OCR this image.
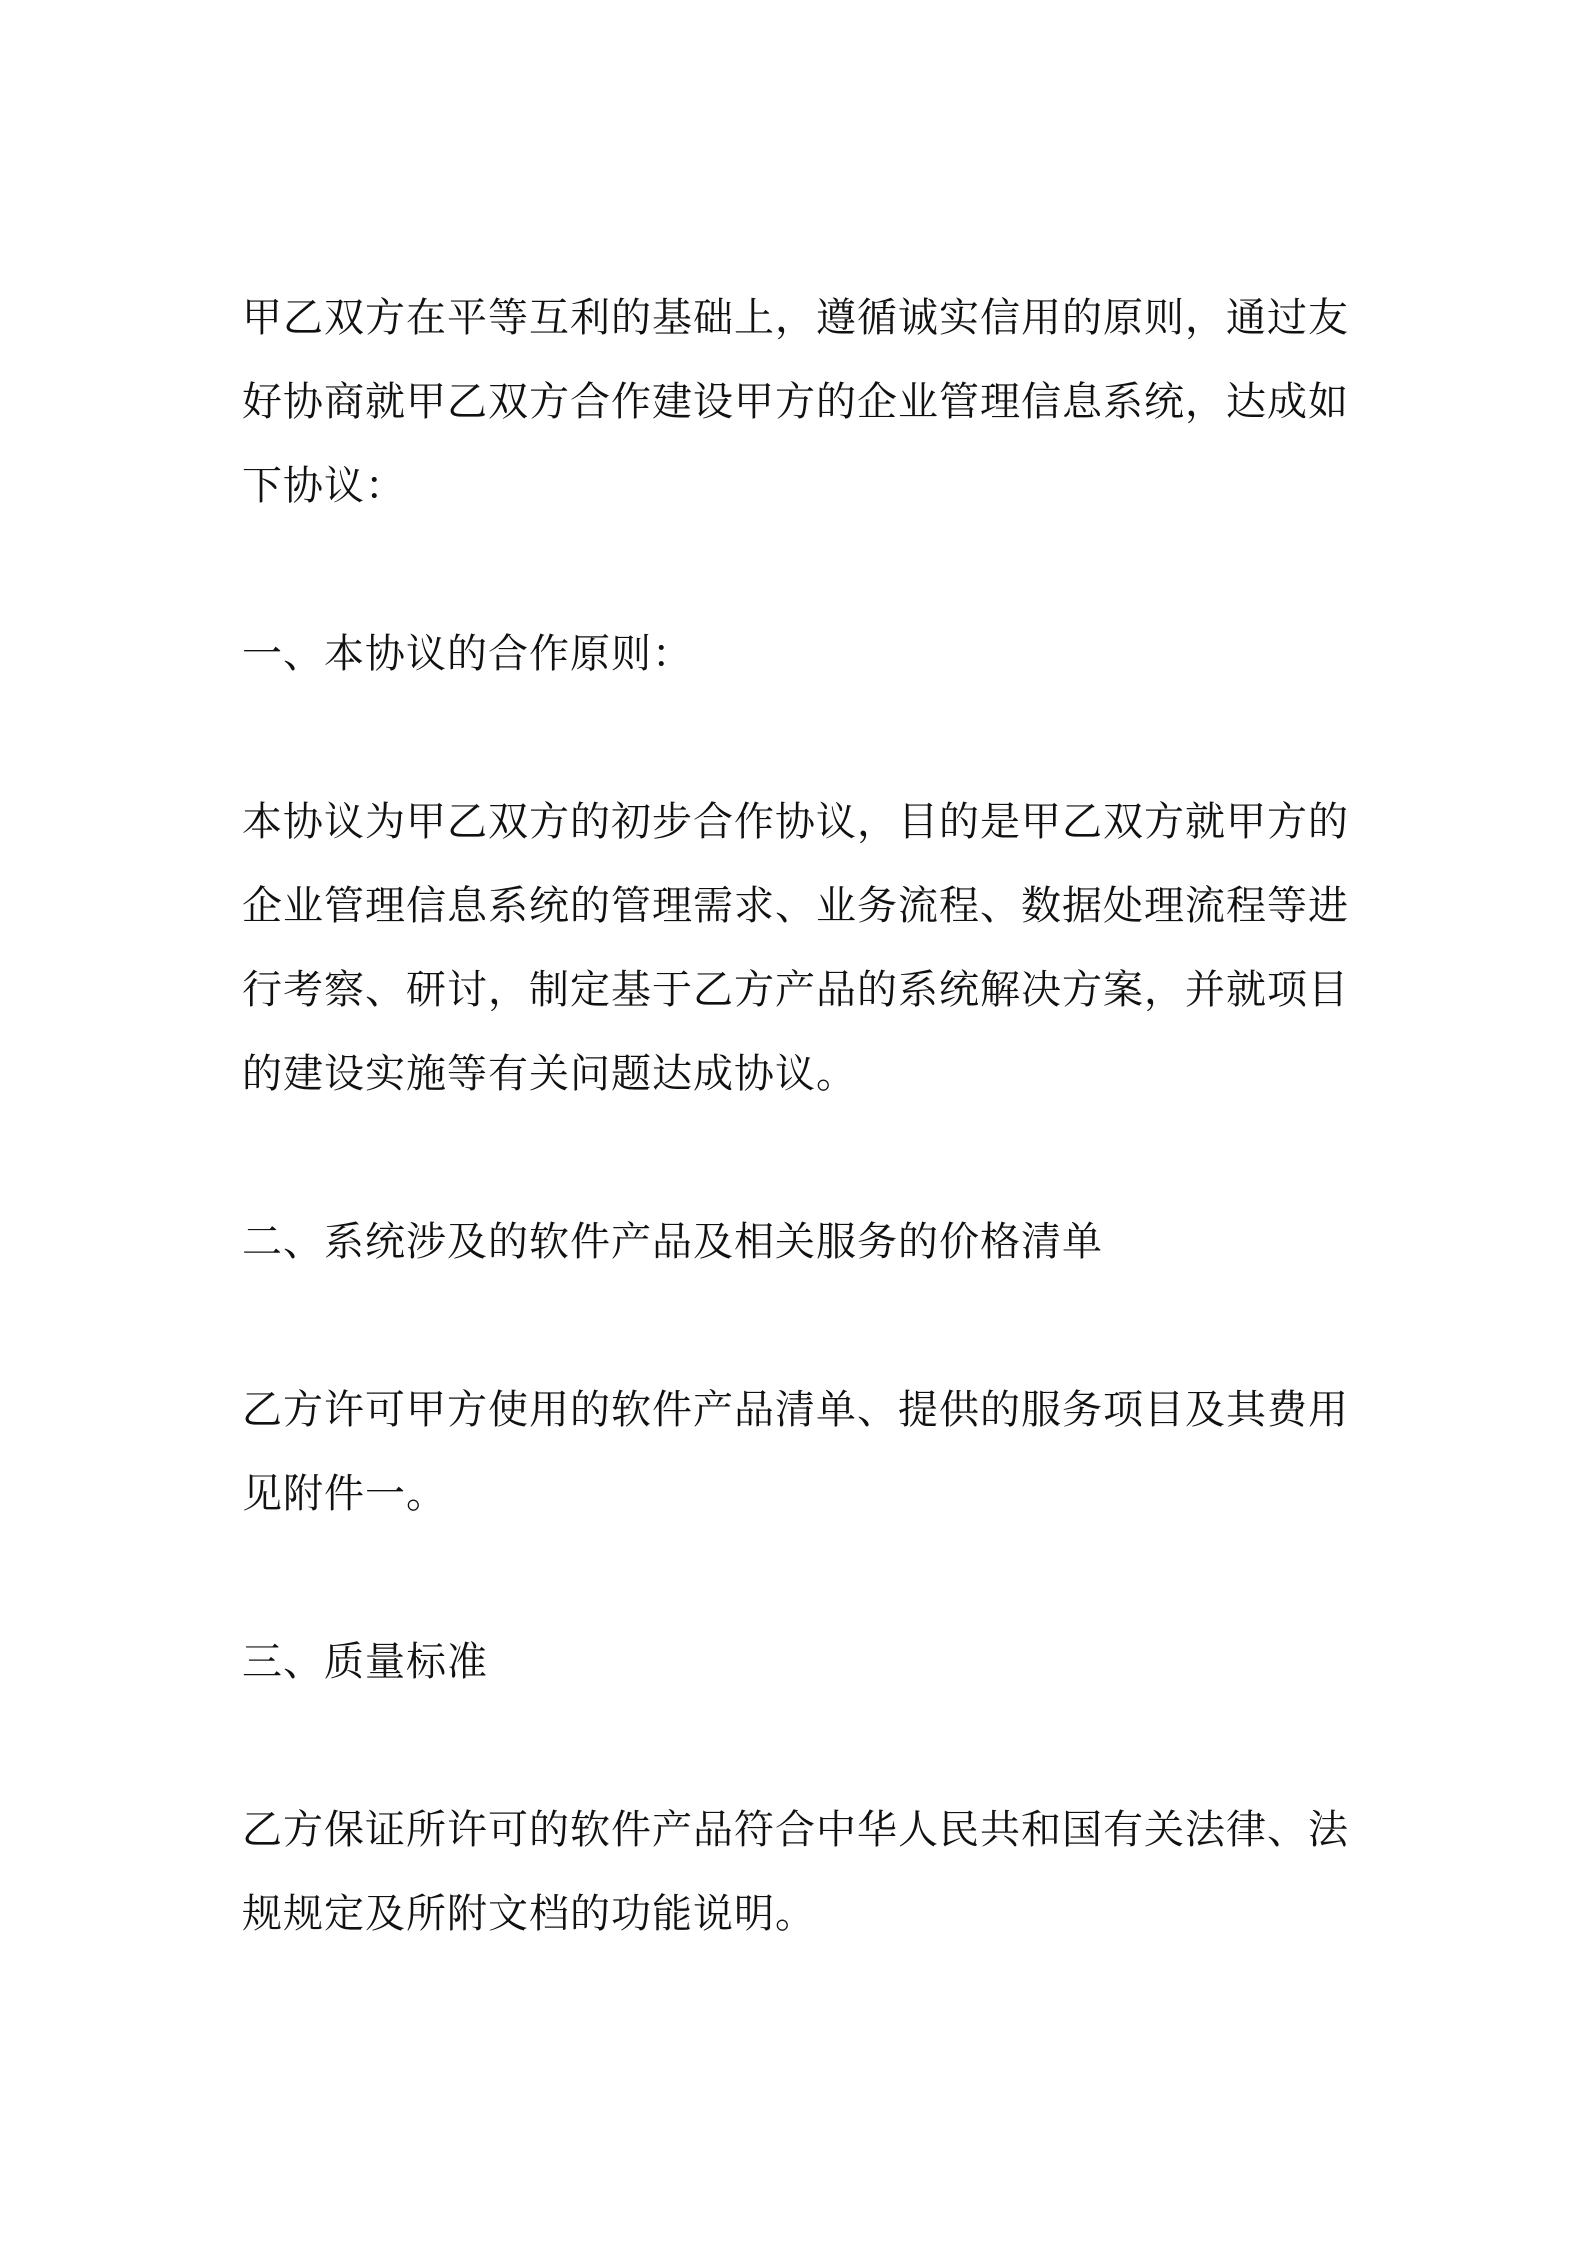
甲乙双方在平等互利的基础上，遵循诚实信用的原则，通过友好协商就甲乙双方合作建设甲方的企业管理信息系统，达成如下协议：

一、本协议的合作原则：

本协议为甲乙双方的初步合作协议，目的是甲乙双方就甲方的企业管理信息系统的管理需求、业务流程、数据处理流程等进行考察、研讨，制定基于乙方产品的系统解决方案，并就项目的建设实施等有关问题达成协议。

二、系统涉及的软件产品及相关服务的价格清单

乙方许可甲方使用的软件产品清单、提供的服务项目及其费用见附件一。

三、质量标准

乙方保证所许可的软件产品符合中华人民共和国有关法律、法规规定及所附文档的功能说明。
